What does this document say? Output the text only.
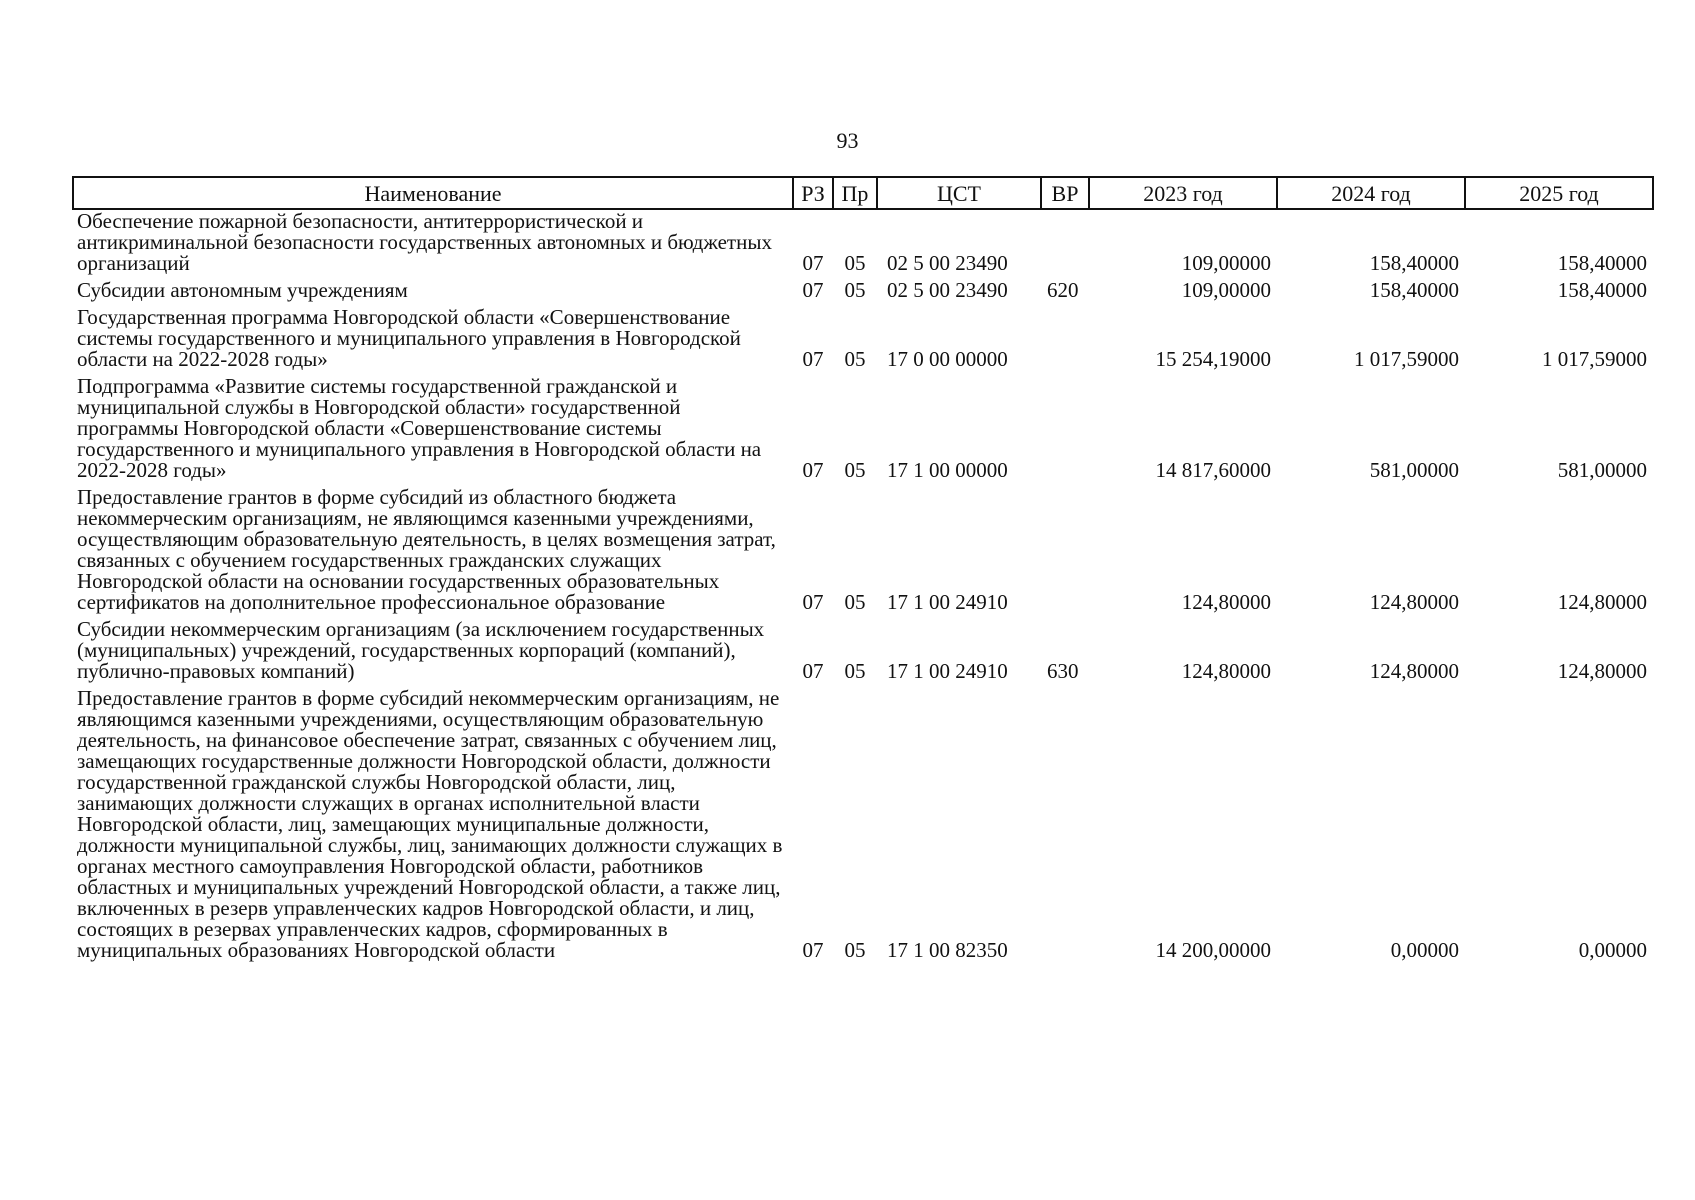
93
Наименование	РЗ	Пр	ЦСТ	ВР	2023 год	2024 год	2025 год
Обеспечение пожарной безопасности, антитеррористической и антикриминальной безопасности государственных автономных и бюджетных организаций	07	05	02 5 00 23490		109,00000	158,40000	158,40000
Субсидии автономным учреждениям	07	05	02 5 00 23490	620	109,00000	158,40000	158,40000
Государственная программа Новгородской области «Совершенствование системы государственного и муниципального управления в Новгородской области на 2022-2028 годы»	07	05	17 0 00 00000		15 254,19000	1 017,59000	1 017,59000
Подпрограмма «Развитие системы государственной гражданской и муниципальной службы в Новгородской области» государственной программы Новгородской области «Совершенствование системы государственного и муниципального управления в Новгородской области на 2022-2028 годы»	07	05	17 1 00 00000		14 817,60000	581,00000	581,00000
Предоставление грантов в форме субсидий из областного бюджета некоммерческим организациям, не являющимся казенными учреждениями, осуществляющим образовательную деятельность, в целях возмещения затрат, связанных с обучением государственных гражданских служащих Новгородской области на основании государственных образовательных сертификатов на дополнительное профессиональное образование	07	05	17 1 00 24910		124,80000	124,80000	124,80000
Субсидии некоммерческим организациям (за исключением государственных (муниципальных) учреждений, государственных корпораций (компаний), публично-правовых компаний)	07	05	17 1 00 24910	630	124,80000	124,80000	124,80000
Предоставление грантов в форме субсидий некоммерческим организациям, не являющимся казенными учреждениями, осуществляющим образовательную деятельность, на финансовое обеспечение затрат, связанных с обучением лиц, замещающих государственные должности Новгородской области, должности государственной гражданской службы Новгородской области, лиц, занимающих должности служащих в органах исполнительной власти Новгородской области, лиц, замещающих муниципальные должности, должности муниципальной службы, лиц, занимающих должности служащих в органах местного самоуправления Новгородской области, работников областных и муниципальных учреждений Новгородской области, а также лиц, включенных в резерв управленческих кадров Новгородской области, и лиц, состоящих в резервах управленческих кадров, сформированных в муниципальных образованиях Новгородской области	07	05	17 1 00 82350		14 200,00000	0,00000	0,00000
